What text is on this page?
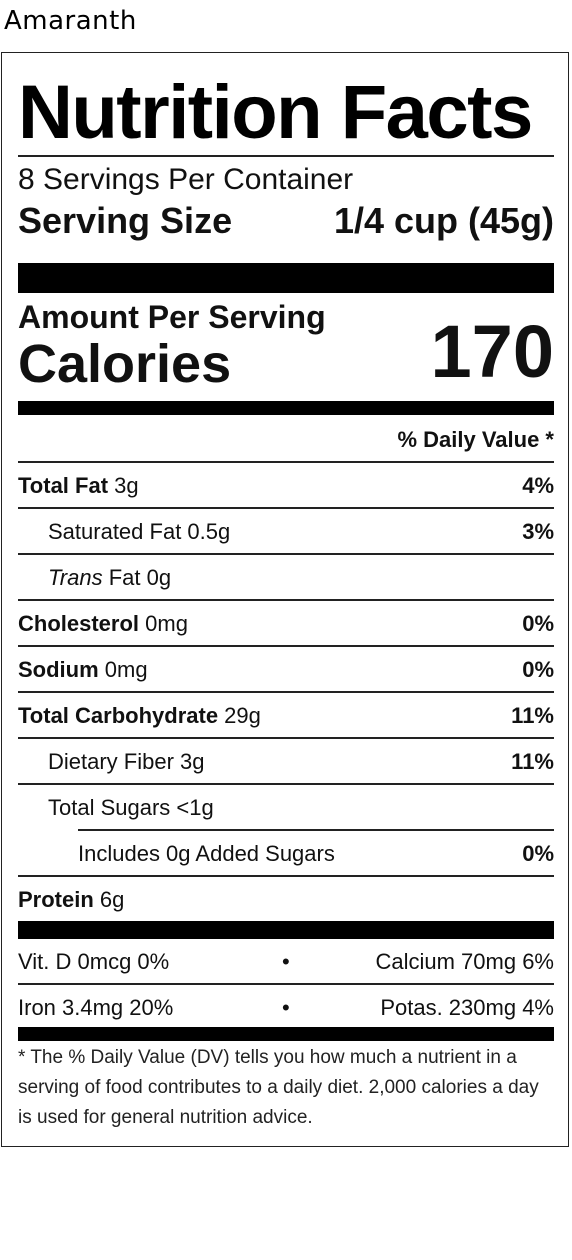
Amaranth
Nutrition Facts
8 Servings Per Container
Serving Size	1/4 cup (45g)
Amount Per Serving
Calories	170
% Daily Value *
Total Fat 3g	4%
Saturated Fat 0.5g	3%
Trans Fat 0g
Cholesterol 0mg	0%
Sodium 0mg	0%
Total Carbohydrate 29g	11%
Dietary Fiber 3g	11%
Total Sugars <1g
Includes 0g Added Sugars	0%
Protein 6g
Vit. D 0mcg 0%	•	Calcium 70mg 6%
Iron 3.4mg 20%	•	Potas. 230mg 4%
* The % Daily Value (DV) tells you how much a nutrient in a serving of food contributes to a daily diet. 2,000 calories a day is used for general nutrition advice.
